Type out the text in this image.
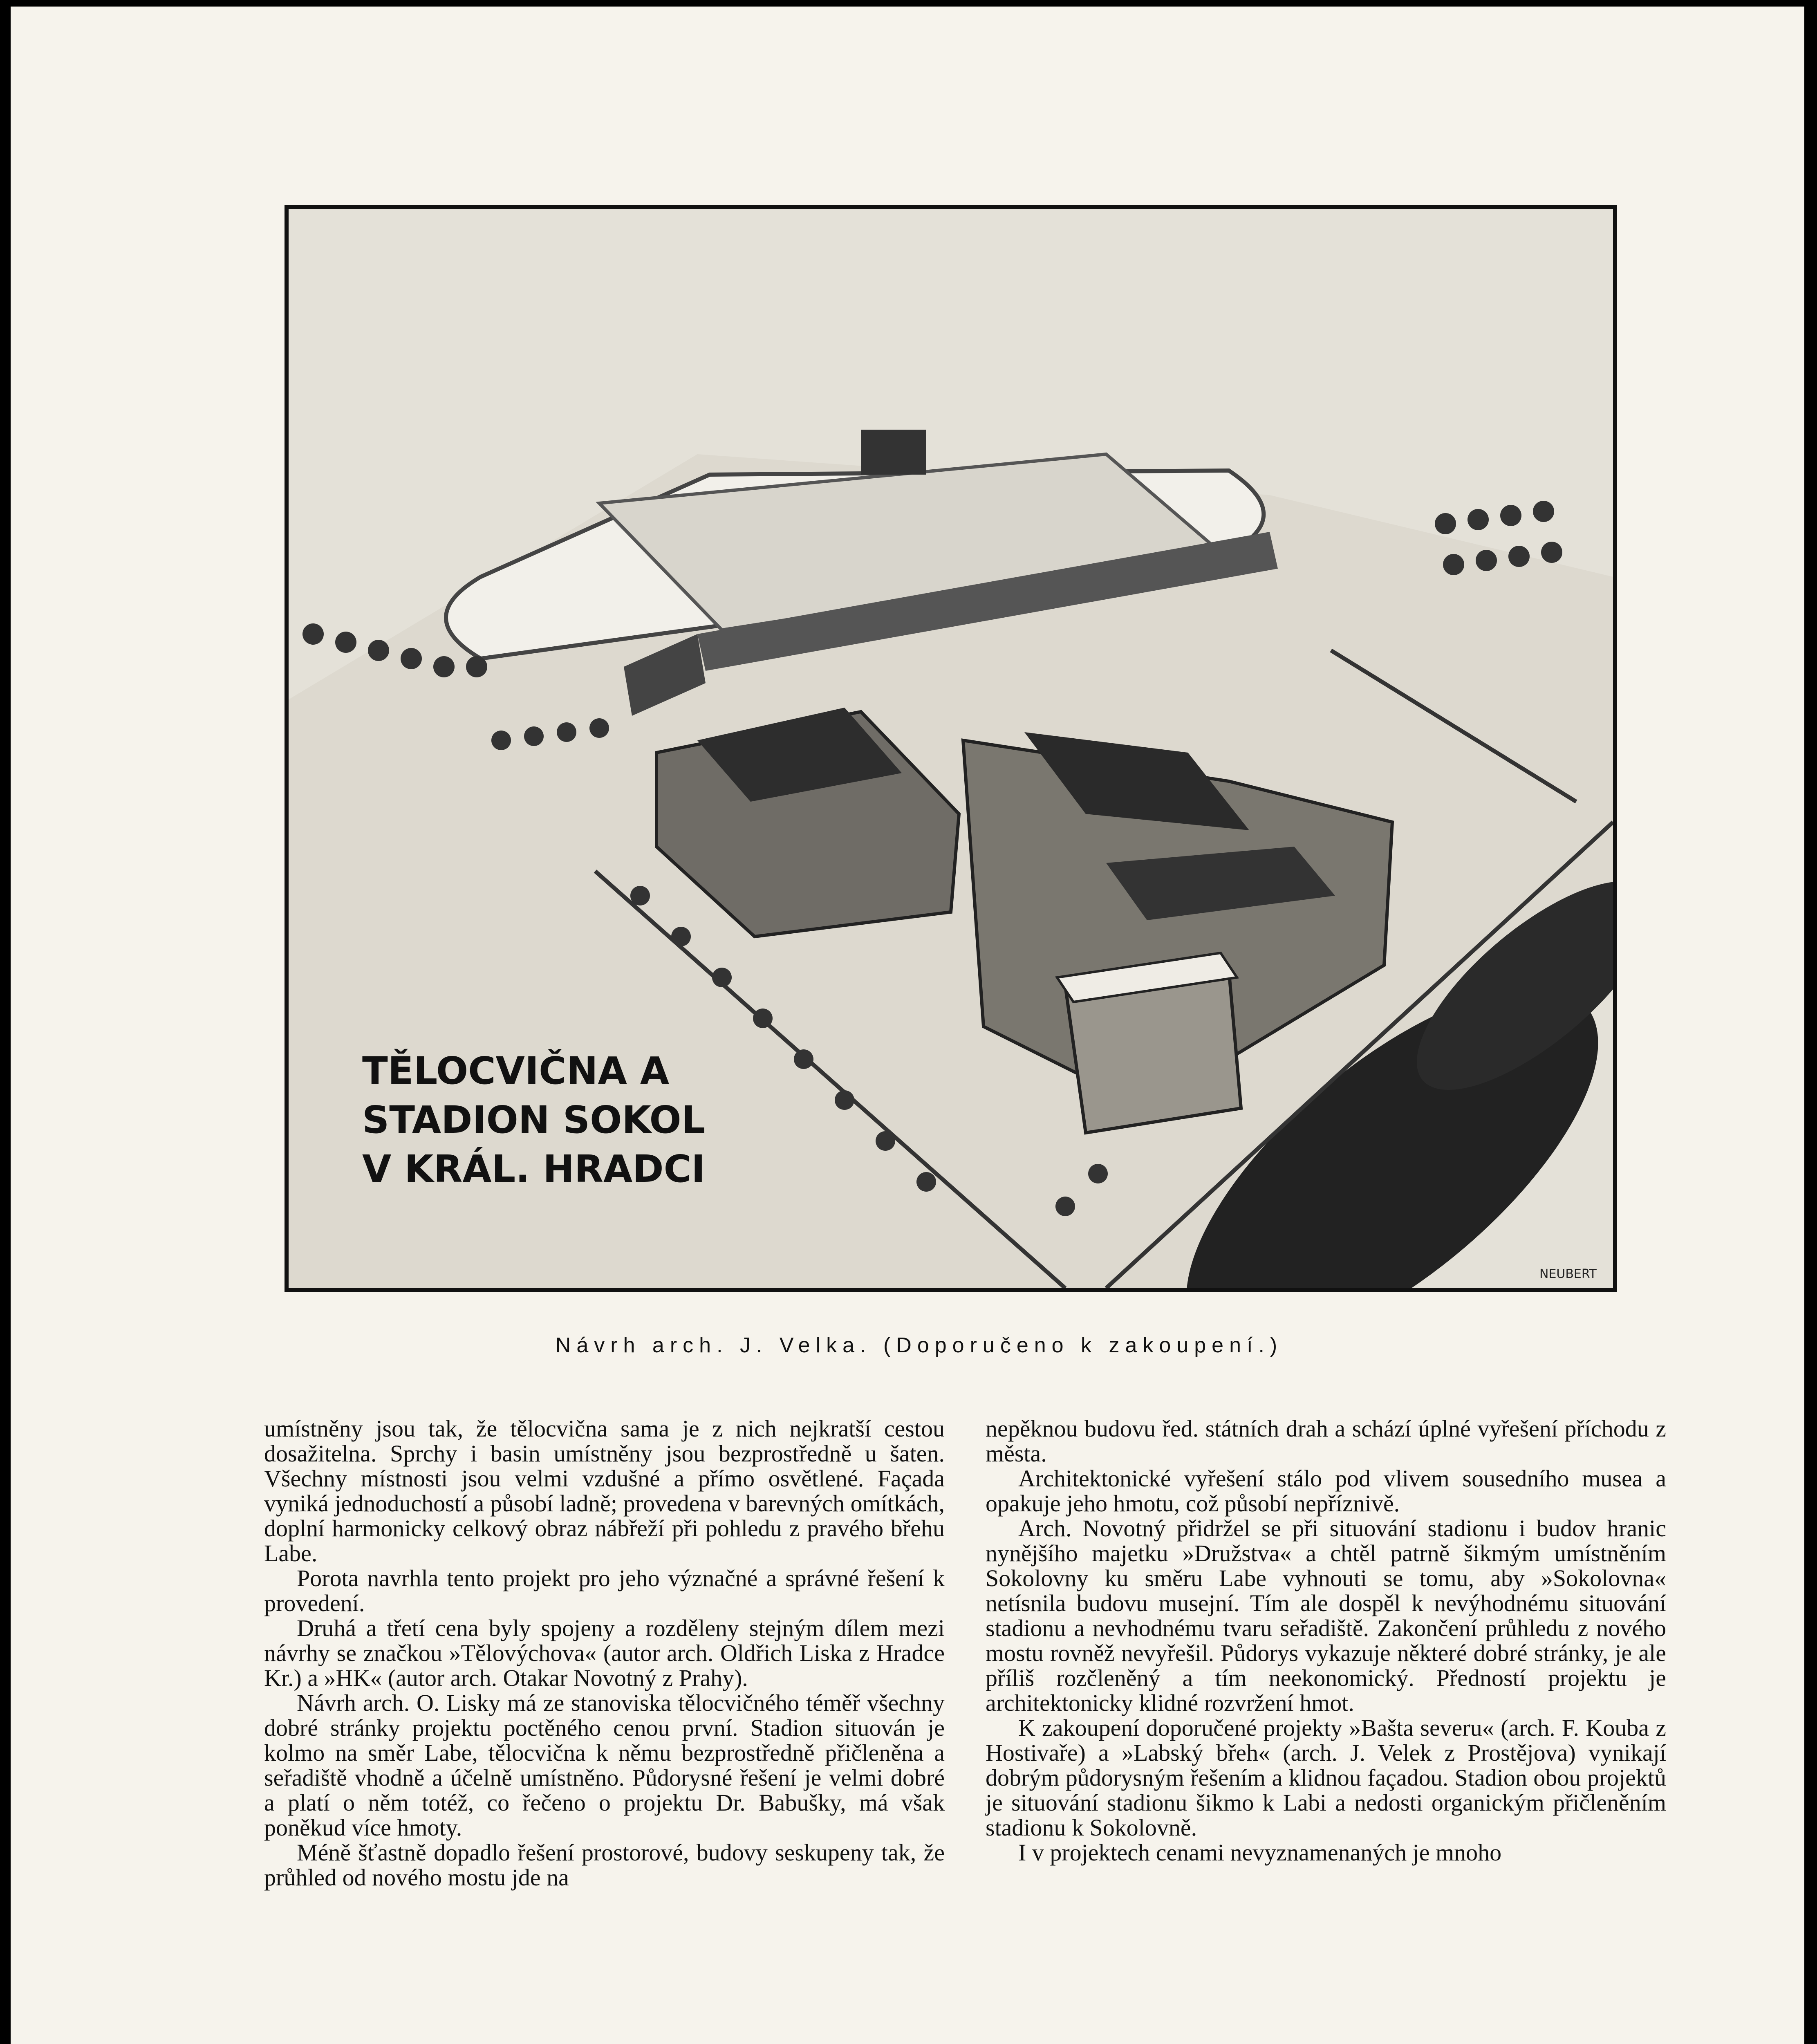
TĚLOCVIČNA A
STADION SOKOL
V KRÁL. HRADCI
NEUBERT
Návrh arch. J. Velka. (Doporučeno k zakoupení.)

umístněny jsou tak, že tělocvična sama je z nich nejkratší cestou dosažitelna. Sprchy i basin umístněny jsou bezprostředně u šaten. Všechny místnosti jsou velmi vzdušné a přímo osvětlené. Façada vyniká jednoduchostí a působí ladně; provedena v barevných omítkách, doplní harmonicky celkový obraz nábřeží při pohledu z pravého břehu Labe.

Porota navrhla tento projekt pro jeho význačné a správné řešení k provedení.

Druhá a třetí cena byly spojeny a rozděleny stejným dílem mezi návrhy se značkou »Tělovýchova« (autor arch. Oldřich Liska z Hradce Kr.) a »HK« (autor arch. Otakar Novotný z Prahy).

Návrh arch. O. Lisky má ze stanoviska tělocvičného téměř všechny dobré stránky projektu poctěného cenou první. Stadion situován je kolmo na směr Labe, tělocvična k němu bezprostředně přičleněna a seřadiště vhodně a účelně umístněno. Půdorysné řešení je velmi dobré a platí o něm totéž, co řečeno o projektu Dr. Babušky, má však poněkud více hmoty.

Méně šťastně dopadlo řešení prostorové, budovy seskupeny tak, že průhled od nového mostu jde na

nepěknou budovu řed. státních drah a schází úplné vyřešení příchodu z města.

Architektonické vyřešení stálo pod vlivem sousedního musea a opakuje jeho hmotu, což působí nepříznivě.

Arch. Novotný přidržel se při situování stadionu i budov hranic nynějšího majetku »Družstva« a chtěl patrně šikmým umístněním Sokolovny ku směru Labe vyhnouti se tomu, aby »Sokolovna« netísnila budovu musejní. Tím ale dospěl k nevýhodnému situování stadionu a nevhodnému tvaru seřadiště. Zakončení průhledu z nového mostu rovněž nevyřešil. Půdorys vykazuje některé dobré stránky, je ale příliš rozčleněný a tím neekonomický. Předností projektu je architektonicky klidné rozvržení hmot.

K zakoupení doporučené projekty »Bašta severu« (arch. F. Kouba z Hostivaře) a »Labský břeh« (arch. J. Velek z Prostějova) vynikají dobrým půdorysným řešením a klidnou façadou. Stadion obou projektů je situování stadionu šikmo k Labi a nedosti organickým přičleněním stadionu k Sokolovně.

I v projektech cenami nevyznamenaných je mnoho
